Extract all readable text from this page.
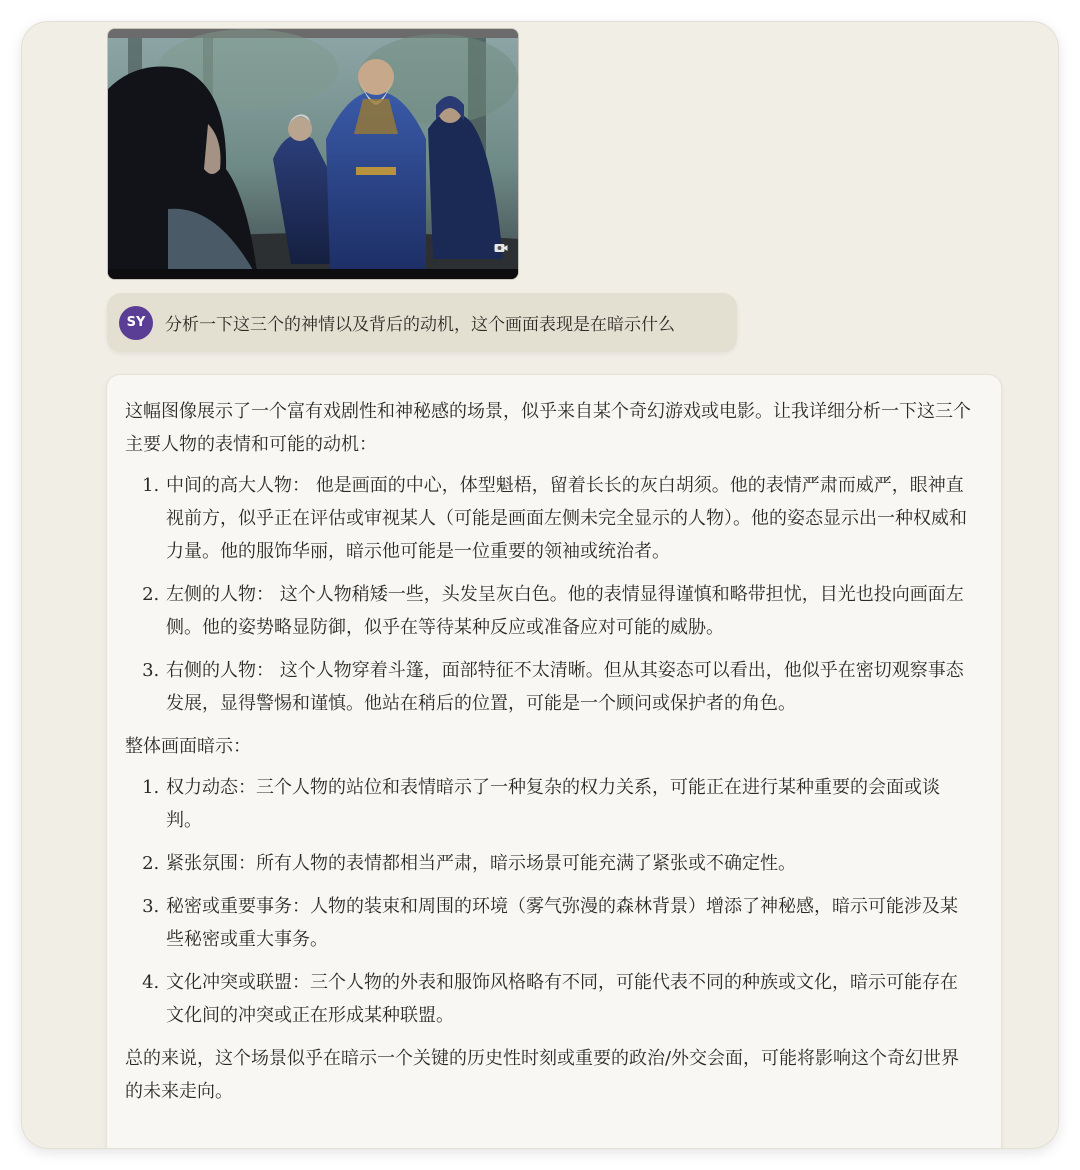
SY	分析一下这三个的神情以及背后的动机，这个画面表现是在暗示什么

这幅图像展示了一个富有戏剧性和神秘感的场景，似乎来自某个奇幻游戏或电影。让我详细分析一下这三个主要人物的表情和可能的动机：

1. 中间的高大人物： 他是画面的中心，体型魁梧，留着长长的灰白胡须。他的表情严肃而威严，眼神直视前方，似乎正在评估或审视某人（可能是画面左侧未完全显示的人物）。他的姿态显示出一种权威和力量。他的服饰华丽，暗示他可能是一位重要的领袖或统治者。
2. 左侧的人物： 这个人物稍矮一些，头发呈灰白色。他的表情显得谨慎和略带担忧，目光也投向画面左侧。他的姿势略显防御，似乎在等待某种反应或准备应对可能的威胁。
3. 右侧的人物： 这个人物穿着斗篷，面部特征不太清晰。但从其姿态可以看出，他似乎在密切观察事态发展，显得警惕和谨慎。他站在稍后的位置，可能是一个顾问或保护者的角色。

整体画面暗示：

1. 权力动态：三个人物的站位和表情暗示了一种复杂的权力关系，可能正在进行某种重要的会面或谈判。
2. 紧张氛围：所有人物的表情都相当严肃，暗示场景可能充满了紧张或不确定性。
3. 秘密或重要事务：人物的装束和周围的环境（雾气弥漫的森林背景）增添了神秘感，暗示可能涉及某些秘密或重大事务。
4. 文化冲突或联盟：三个人物的外表和服饰风格略有不同，可能代表不同的种族或文化，暗示可能存在文化间的冲突或正在形成某种联盟。

总的来说，这个场景似乎在暗示一个关键的历史性时刻或重要的政治/外交会面，可能将影响这个奇幻世界的未来走向。
